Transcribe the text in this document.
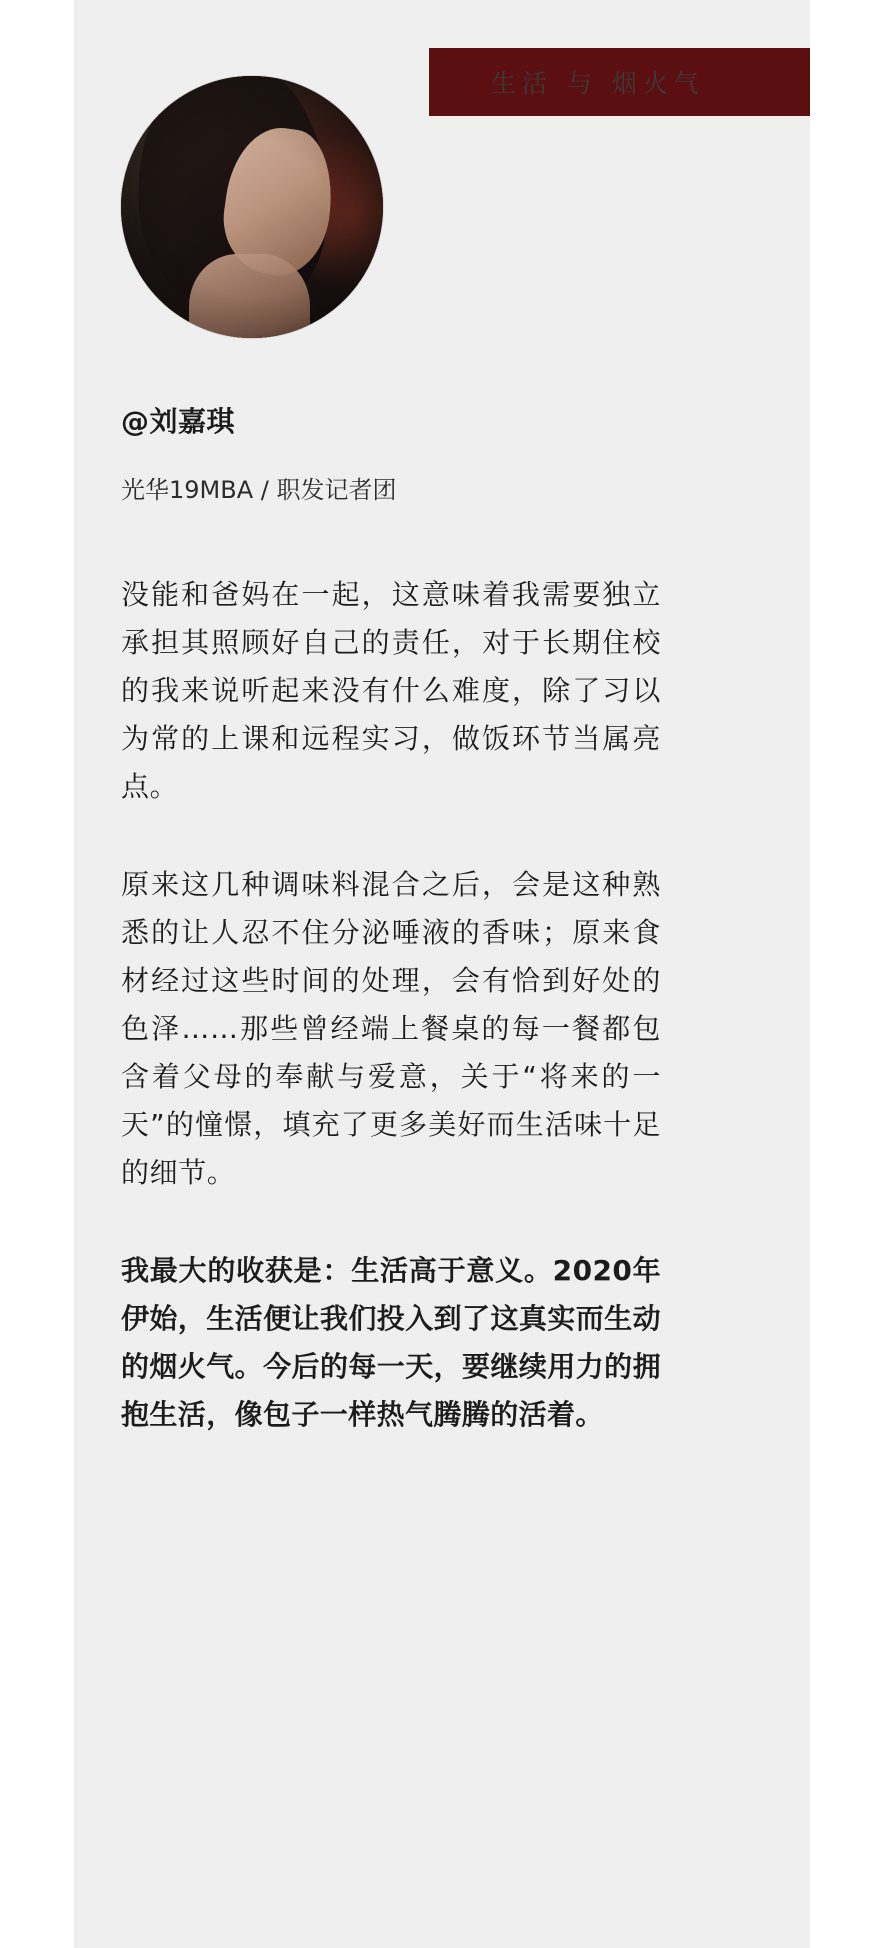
生活 与 烟火气
@刘嘉琪
光华19MBA / 职发记者团

没能和爸妈在一起，这意味着我需要独立承担其照顾好自己的责任，对于长期住校的我来说听起来没有什么难度，除了习以为常的上课和远程实习，做饭环节当属亮点。

原来这几种调味料混合之后，会是这种熟悉的让人忍不住分泌唾液的香味；原来食材经过这些时间的处理，会有恰到好处的色泽……那些曾经端上餐桌的每一餐都包含着父母的奉献与爱意，关于“将来的一天”的憧憬，填充了更多美好而生活味十足的细节。

我最大的收获是：生活高于意义。2020年伊始，生活便让我们投入到了这真实而生动的烟火气。今后的每一天，要继续用力的拥抱生活，像包子一样热气腾腾的活着。
